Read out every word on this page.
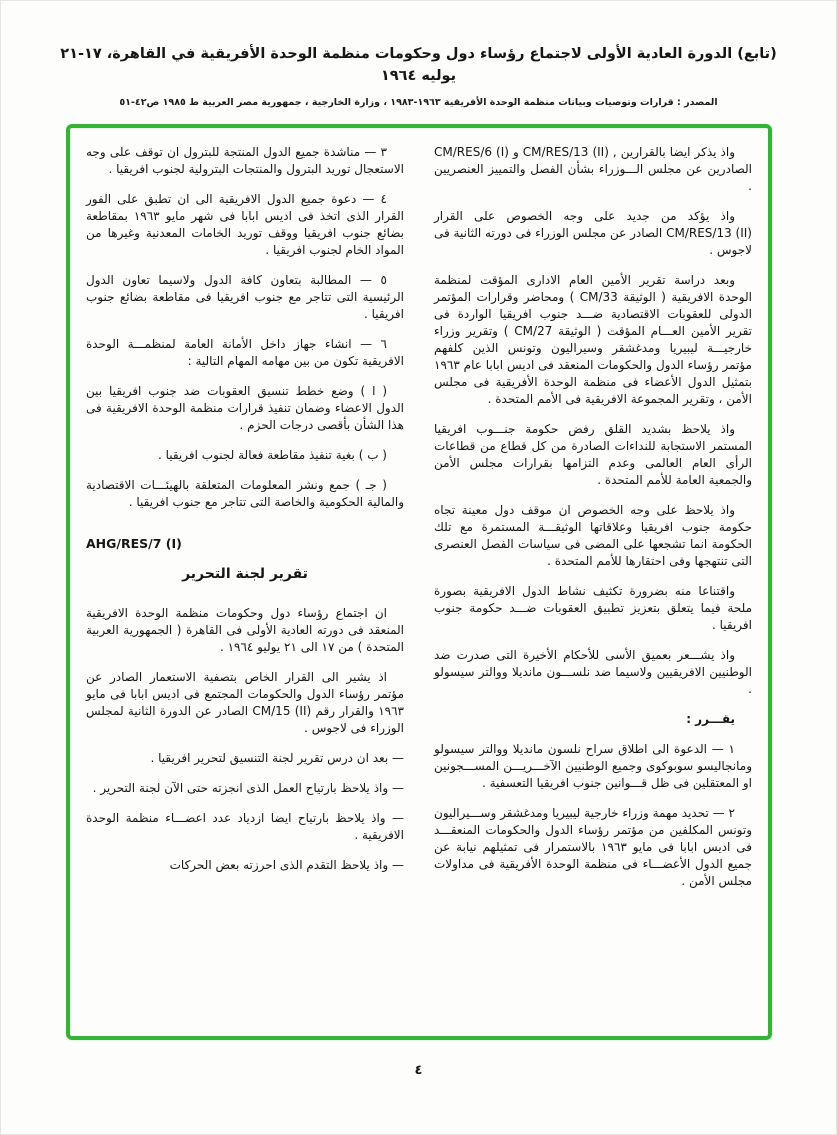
(تابع) الدورة العادية الأولى لاجتماع رؤساء دول وحكومات منظمة الوحدة الأفريقية في القاهرة، ١٧-٢١ يوليه ١٩٦٤
المصدر : قرارات وتوصيات وبيانات منظمة الوحدة الأفريقية ١٩٦٣-١٩٨٣ ، وزارة الخارجية ، جمهورية مصر العربية ط ١٩٨٥ ص٤٢-٥١

واذ يذكر ايضا بالقرارين , CM/RES/13 (II) و CM/RES/6 (I) الصادرين عن مجلس الـــوزراء بشأن الفصل والتمييز العنصريين .

واذ يؤكد من جديد على وجه الخصوص على القرار CM/RES/13 (II) الصادر عن مجلس الوزراء فى دورته الثانية فى لاجوس .

وبعد دراسة تقرير الأمين العام الادارى المؤقت لمنظمة الوحدة الافريقية ( الوثيقة CM/33 ) ومحاضر وقرارات المؤتمر الدولى للعقوبات الاقتصادية ضـــد جنوب افريقيا الواردة فى تقرير الأمين العـــام المؤقت ( الوثيقة CM/27 ) وتقرير وزراء خارجيـــة ليبيريا ومدغشقر وسيراليون وتونس الذين كلفهم مؤتمر رؤساء الدول والحكومات المنعقد فى اديس ابابا عام ١٩٦٣ بتمثيل الدول الأعضاء فى منظمة الوحدة الأفريقية فى مجلس الأمن ، وتقرير المجموعة الافريقية فى الأمم المتحدة .

واذ يلاحظ بشديد القلق رفض حكومة جنـــوب افريقيا المستمر الاستجابة للنداءات الصادرة من كل قطاع من قطاعات الرأى العام العالمى وعدم التزامها بقرارات مجلس الأمن والجمعية العامة للأمم المتحدة .

واذ يلاحظ على وجه الخصوص ان موقف دول معينة تجاه حكومة جنوب افريقيا وعلاقاتها الوثيقـــة المستمرة مع تلك الحكومة انما تشجعها على المضى فى سياسات الفصل العنصرى التى تنتهجها وفى احتقارها للأمم المتحدة .

واقتناعا منه بضرورة تكثيف نشاط الدول الافريقية بصورة ملحة فيما يتعلق بتعزيز تطبيق العقوبات ضـــد حكومة جنوب افريقيا .

واذ يشـــعر بعميق الأسى للأحكام الأخيرة التى صدرت ضد الوطنيين الافريقيين ولاسيما ضد نلســـون مانديلا ووالتر سيسولو .

يقـــرر :

١ — الدعوة الى اطلاق سراح نلسون مانديلا ووالتر سيسولو ومانجاليسو سوبوكوى وجميع الوطنيين الآخـــريـــن المســـجونين او المعتقلين فى ظل قـــوانين جنوب افريقيا التعسفية .

٢ — تحديد مهمة وزراء خارجية ليبيريا ومدغشقر وســـيراليون وتونس المكلفين من مؤتمر رؤساء الدول والحكومات المنعقـــد فى اديس ابابا فى مايو ١٩٦٣ بالاستمرار فى تمثيلهم نيابة عن جميع الدول الأعضـــاء فى منظمة الوحدة الأفريقية فى مداولات مجلس الأمن .

٣ — مناشدة جميع الدول المنتجة للبترول ان توقف على وجه الاستعجال توريد البترول والمنتجات البترولية لجنوب افريقيا .

٤ — دعوة جميع الدول الافريقية الى ان تطبق على الفور القرار الذى اتخذ فى اديس ابابا فى شهر مايو ١٩٦٣ بمقاطعة بضائع جنوب افريقيا ووقف توريد الخامات المعدنية وغيرها من المواد الخام لجنوب افريقيا .

٥ — المطالبة بتعاون كافة الدول ولاسيما تعاون الدول الرئيسية التى تتاجر مع جنوب افريقيا فى مقاطعة بضائع جنوب افريقيا .

٦ — انشاء جهاز داخل الأمانة العامة لمنظمـــة الوحدة الافريقية تكون من بين مهامه المهام التالية :

( ا ) وضع خطط تنسيق العقوبات ضد جنوب افريقيا بين الدول الاعضاء وضمان تنفيذ قرارات منظمة الوحدة الافريقية فى هذا الشأن بأقصى درجات الحزم .

( ب ) بغية تنفيذ مقاطعة فعالة لجنوب افريقيا .

( جـ ) جمع ونشر المعلومات المتعلقة بالهيئـــات الاقتصادية والمالية الحكومية والخاصة التى تتاجر مع جنوب افريقيا .

AHG/RES/7 (I)
تقرير لجنة التحرير

ان اجتماع رؤساء دول وحكومات منظمة الوحدة الافريقية المنعقد فى دورته العادية الأولى فى القاهرة ( الجمهورية العربية المتحدة ) من ١٧ الى ٢١ يوليو ١٩٦٤ .

اذ يشير الى القرار الخاص بتصفية الاستعمار الصادر عن مؤتمر رؤساء الدول والحكومات المجتمع فى اديس ابابا فى مايو ١٩٦٣ والقرار رقم CM/15 (II) الصادر عن الدورة الثانية لمجلس الوزراء فى لاجوس .

— بعد ان درس تقرير لجنة التنسيق لتحرير افريقيا .

— واذ يلاحظ بارتياح العمل الذى انجزته حتى الآن لجنة التحرير .

— واذ يلاحظ بارتياح ايضا ازدياد عدد اعضـــاء منظمة الوحدة الافريقية .

— واذ يلاحظ التقدم الذى احرزته بعض الحركات

٤
